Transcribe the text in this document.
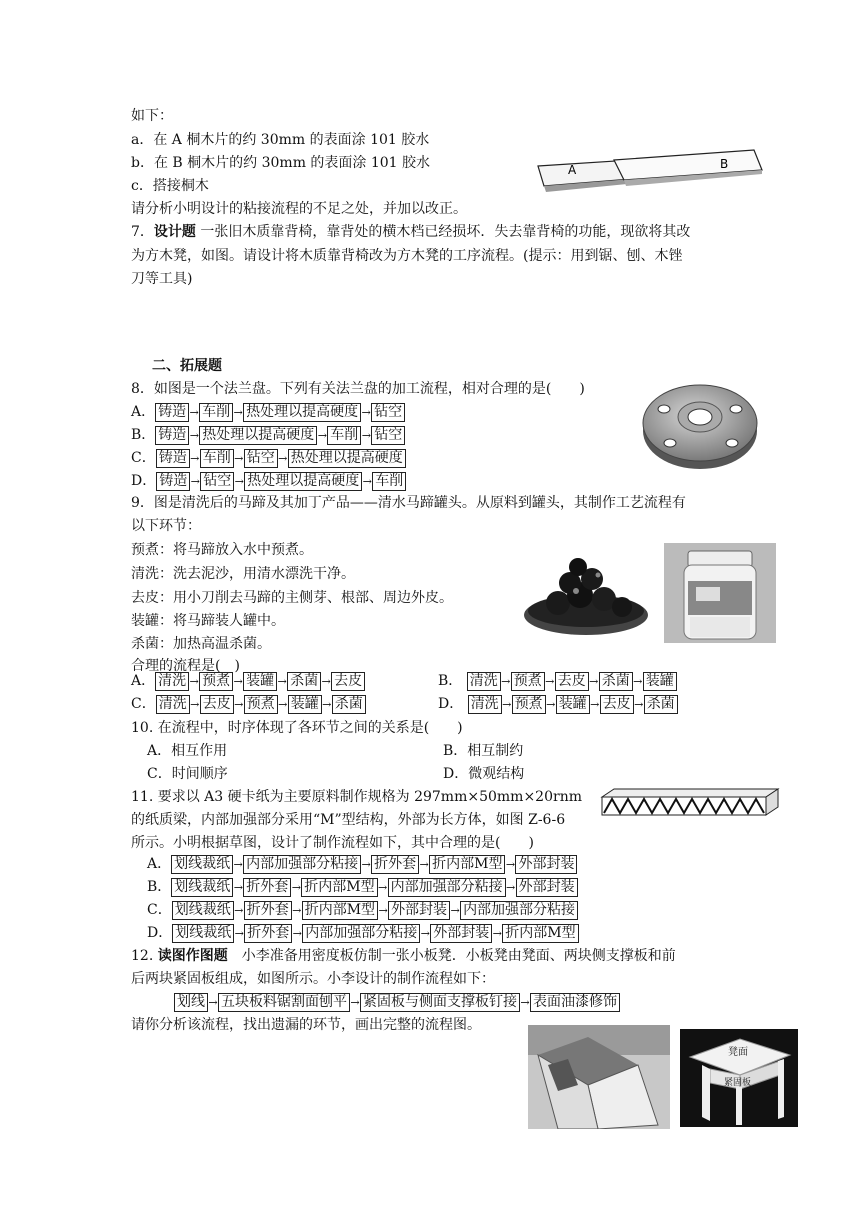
如下：
a．在 A 桐木片的约 30mm 的表面涂 101 胶水
b．在 B 桐木片的约 30mm 的表面涂 101 胶水
c．搭接桐木
请分析小明设计的粘接流程的不足之处，并加以改正。
A	B
7．设计题 一张旧木质靠背椅，靠背处的横木档已经损坏．失去靠背椅的功能，现欲将其改
为方木凳，如图。请设计将木质靠背椅改为方木凳的工序流程。(提示：用到锯、刨、木锉
刀等工具)
二、拓展题
8．如图是一个法兰盘。下列有关法兰盘的加工流程，相对合理的是(　　)
A． 铸造 → 车削 → 热处理以提高硬度 → 钻空
B． 铸造 → 热处理以提高硬度 → 车削 → 钻空
C． 铸造 → 车削 → 钻空 → 热处理以提高硬度
D． 铸造 → 钻空 → 热处理以提高硬度 → 车削
9．图是清洗后的马蹄及其加丁产品——清水马蹄罐头。从原料到罐头，其制作工艺流程有
以下环节：
预煮：将马蹄放入水中预煮。
清洗：洗去泥沙，用清水漂洗干净。
去皮：用小刀削去马蹄的主侧芽、根部、周边外皮。
装罐：将马蹄装人罐中。
杀菌：加热高温杀菌。
合理的流程是(　)
A． 清洗 → 预煮 → 装罐 → 杀菌 → 去皮	B． 清洗 → 预煮 → 去皮 → 杀菌 → 装罐
C． 清洗 → 去皮 → 预煮 → 装罐 → 杀菌	D． 清洗 → 预煮 → 装罐 → 去皮 → 杀菌
10. 在流程中，时序体现了各环节之间的关系是(　　)
A．相互作用	B．相互制约
C．时间顺序	D．微观结构
11. 要求以 A3 硬卡纸为主要原料制作规格为 297mm×50mm×20rnm
的纸质梁，内部加强部分采用“M”型结构，外部为长方体，如图 Z-6-6
所示。小明根据草图，设计了制作流程如下，其中合理的是(　　)
A． 划线裁纸 → 内部加强部分粘接 → 折外套 → 折内部M型 → 外部封装
B． 划线裁纸 → 折外套 → 折内部M型 → 内部加强部分粘接 → 外部封装
C． 划线裁纸 → 折外套 → 折内部M型 → 外部封装 → 内部加强部分粘接
D． 划线裁纸 → 折外套 → 内部加强部分粘接 → 外部封装 → 折内部M型
12. 读图作图题　小李准备用密度板仿制一张小板凳．小板凳由凳面、两块侧支撑板和前
后两块紧固板组成，如图所示。小李设计的制作流程如下：
划线 → 五块板料锯割面刨平 → 紧固板与侧面支撑板钉接 → 表面油漆修饰
请你分析该流程，找出遗漏的环节，画出完整的流程图。
凳面
紧固板
